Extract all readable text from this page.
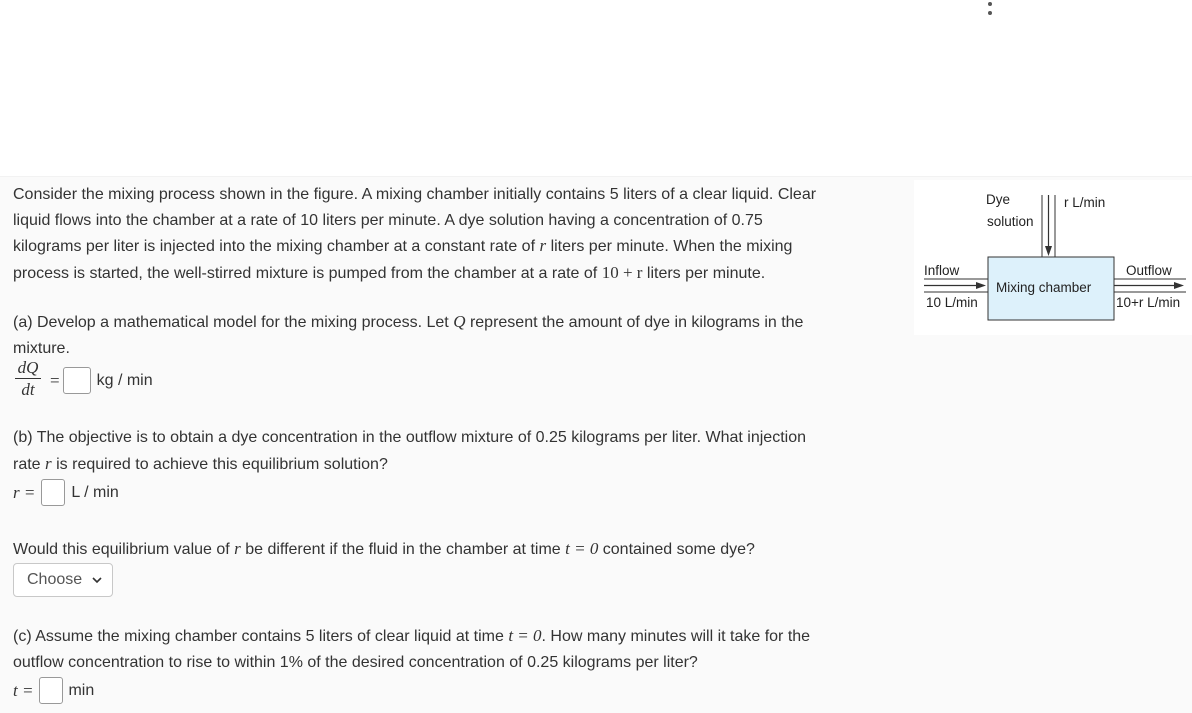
Consider the mixing process shown in the figure. A mixing chamber initially contains 5 liters of a clear liquid. Clear
liquid flows into the chamber at a rate of 10 liters per minute. A dye solution having a concentration of 0.75
kilograms per liter is injected into the mixing chamber at a constant rate of r liters per minute. When the mixing
process is started, the well-stirred mixture is pumped from the chamber at a rate of 10 + r liters per minute.
(a) Develop a mathematical model for the mixing process. Let Q represent the amount of dye in kilograms in the
mixture.
dQ
dt = kg / min
(b) The objective is to obtain a dye concentration in the outflow mixture of 0.25 kilograms per liter. What injection
rate r is required to achieve this equilibrium solution?
r = L / min
Would this equilibrium value of r be different if the fluid in the chamber at time t = 0 contained some dye?
Choose
(c) Assume the mixing chamber contains 5 liters of clear liquid at time t = 0. How many minutes will it take for the
outflow concentration to rise to within 1% of the desired concentration of 0.25 kilograms per liter?
t = min
Dye
solution
r L/min
Inflow
10 L/min
Mixing chamber
Outflow
10+r L/min
